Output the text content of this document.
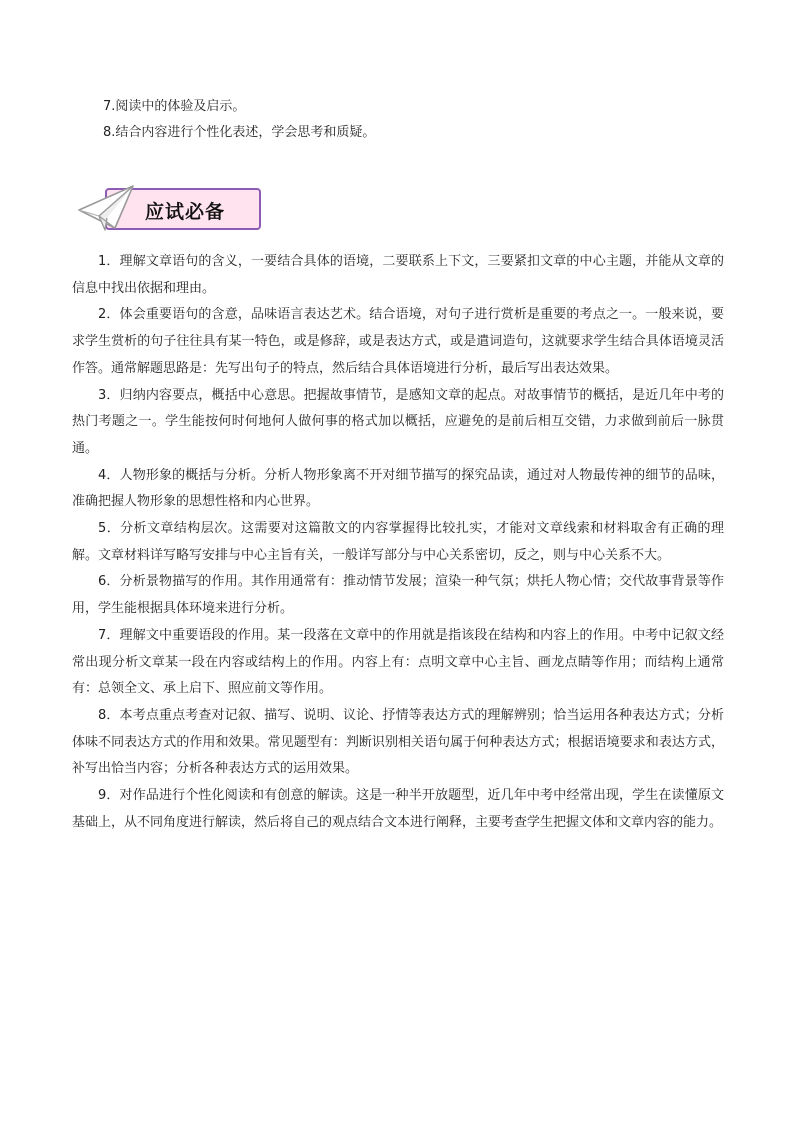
7.阅读中的体验及启示。
8.结合内容进行个性化表述，学会思考和质疑。
应试必备

1．理解文章语句的含义，一要结合具体的语境，二要联系上下文，三要紧扣文章的中心主题，并能从文章的信息中找出依据和理由。

2．体会重要语句的含意，品味语言表达艺术。结合语境，对句子进行赏析是重要的考点之一。一般来说，要求学生赏析的句子往往具有某一特色，或是修辞，或是表达方式，或是遣词造句，这就要求学生结合具体语境灵活作答。通常解题思路是：先写出句子的特点，然后结合具体语境进行分析，最后写出表达效果。

3．归纳内容要点，概括中心意思。把握故事情节，是感知文章的起点。对故事情节的概括，是近几年中考的热门考题之一。学生能按何时何地何人做何事的格式加以概括，应避免的是前后相互交错，力求做到前后一脉贯通。

4．人物形象的概括与分析。分析人物形象离不开对细节描写的探究品读，通过对人物最传神的细节的品味，准确把握人物形象的思想性格和内心世界。

5．分析文章结构层次。这需要对这篇散文的内容掌握得比较扎实，才能对文章线索和材料取舍有正确的理解。文章材料详写略写安排与中心主旨有关，一般详写部分与中心关系密切，反之，则与中心关系不大。

6．分析景物描写的作用。其作用通常有：推动情节发展；渲染一种气氛；烘托人物心情；交代故事背景等作用，学生能根据具体环境来进行分析。

7．理解文中重要语段的作用。某一段落在文章中的作用就是指该段在结构和内容上的作用。中考中记叙文经常出现分析文章某一段在内容或结构上的作用。内容上有：点明文章中心主旨、画龙点睛等作用；而结构上通常有：总领全文、承上启下、照应前文等作用。

8．本考点重点考查对记叙、描写、说明、议论、抒情等表达方式的理解辨别；恰当运用各种表达方式；分析体味不同表达方式的作用和效果。常见题型有：判断识别相关语句属于何种表达方式；根据语境要求和表达方式，补写出恰当内容；分析各种表达方式的运用效果。

9．对作品进行个性化阅读和有创意的解读。这是一种半开放题型，近几年中考中经常出现，学生在读懂原文基础上，从不同角度进行解读，然后将自己的观点结合文本进行阐释，主要考查学生把握文体和文章内容的能力。
